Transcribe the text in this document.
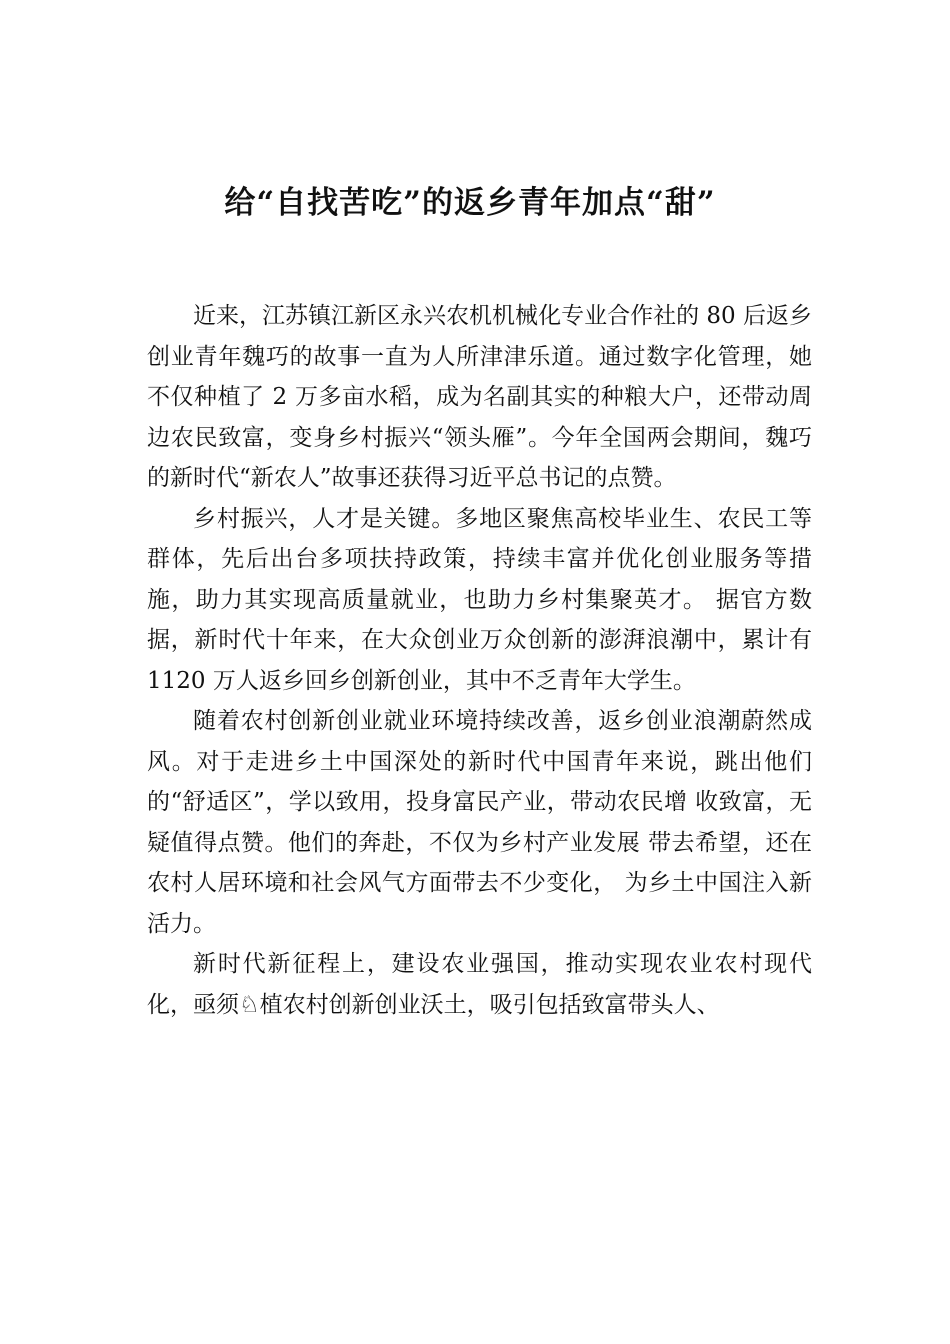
给“自找苦吃”的返乡青年加点“甜”

近来，江苏镇江新区永兴农机机械化专业合作社的 80 后返乡创业青年魏巧的故事一直为人所津津乐道。通过数字化管理，她不仅种植了 2 万多亩水稻，成为名副其实的种粮大户，还带动周边农民致富，变身乡村振兴“领头雁”。今年全国两会期间，魏巧的新时代“新农人”故事还获得习近平总书记的点赞。

乡村振兴，人才是关键。多地区聚焦高校毕业生、农民工等群体，先后出台多项扶持政策，持续丰富并优化创业服务等措施，助力其实现高质量就业，也助力乡村集聚英才。 据官方数据，新时代十年来，在大众创业万众创新的澎湃浪潮中，累计有 1120 万人返乡回乡创新创业，其中不乏青年大学生。

随着农村创新创业就业环境持续改善，返乡创业浪潮蔚然成风。对于走进乡土中国深处的新时代中国青年来说，跳出他们的“舒适区”，学以致用，投身富民产业，带动农民增 收致富，无疑值得点赞。他们的奔赴，不仅为乡村产业发展 带去希望，还在农村人居环境和社会风气方面带去不少变化， 为乡土中国注入新活力。

新时代新征程上，建设农业强国，推动实现农业农村现代化，亟须♘植农村创新创业沃土，吸引包括致富带头人、
